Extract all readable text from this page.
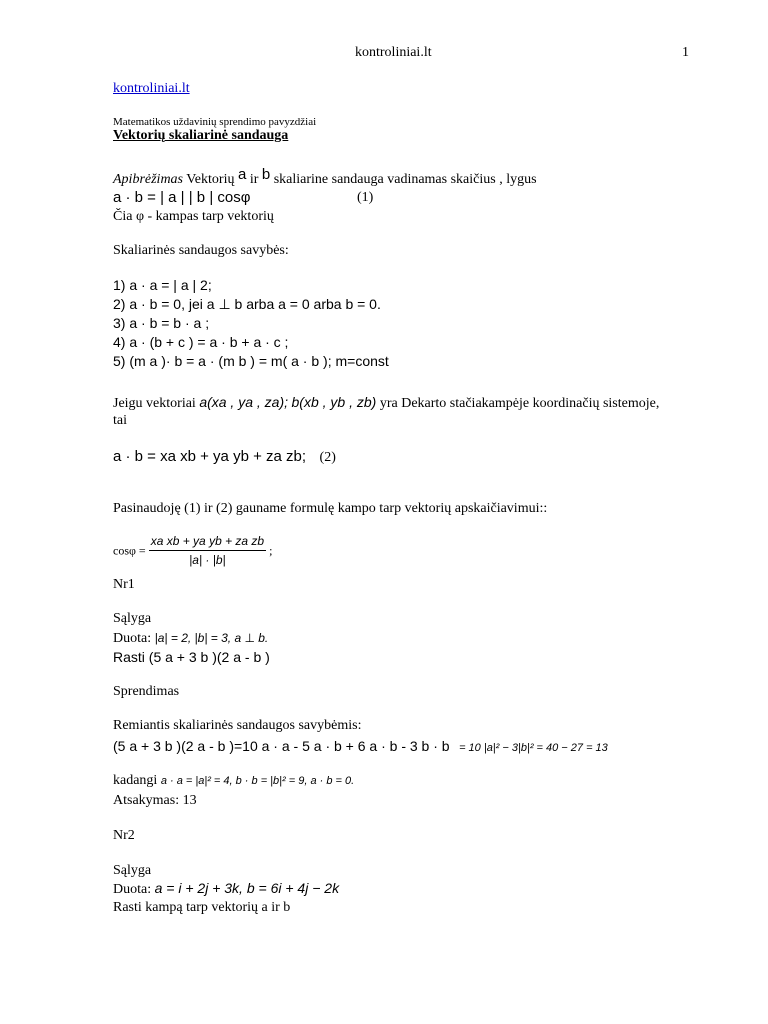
kontroliniai.lt	1
kontroliniai.lt
Matematikos uždavinių sprendimo pavyzdžiai
Vektorių skaliarinė sandauga
Apibrėžimas Vektorių a ir b skaliarine sandauga vadinamas skaičius , lygus
a · b = | a | | b | cosφ	(1)
Čia φ - kampas tarp vektorių
Skaliarinės sandaugos savybės:
1) a · a = | a | 2;
2) a · b = 0, jei a ⊥ b arba a = 0 arba b = 0.
3) a · b = b · a ;
4) a · (b + c ) = a · b + a · c ;
5) (m a )· b = a · (m b ) = m( a · b ); m=const
Jeigu vektoriai a(xa , ya , za); b(xb , yb , zb) yra Dekarto stačiakampėje koordinačių sistemoje,
tai
a · b = xa xb + ya yb + za zb; (2)
Pasinaudoję (1) ir (2) gauname formulę kampo tarp vektorių apskaičiavimui::
$\cos\varphi = \frac{\text{xa xb + ya yb + za zb}}{|a| \cdot |b|}$ ;
Nr1
Sąlyga
Duota: |a| = 2, |b| = 3, a ⊥ b.
Rasti (5 a + 3 b )(2 a - b )
Sprendimas
Remiantis skaliarinės sandaugos savybėmis:
(5 a + 3 b )(2 a - b )=10 a · a - 5 a · b + 6 a · b - 3 b · b = 10 |a|² − 3|b|² = 40 − 27 = 13
kadangi a · a = |a|² = 4, b · b = |b|² = 9, a · b = 0.
Atsakymas: 13
Nr2
Sąlyga
Duota: a = i + 2j + 3k, b = 6i + 4j − 2k
Rasti kampą tarp vektorių a ir b
